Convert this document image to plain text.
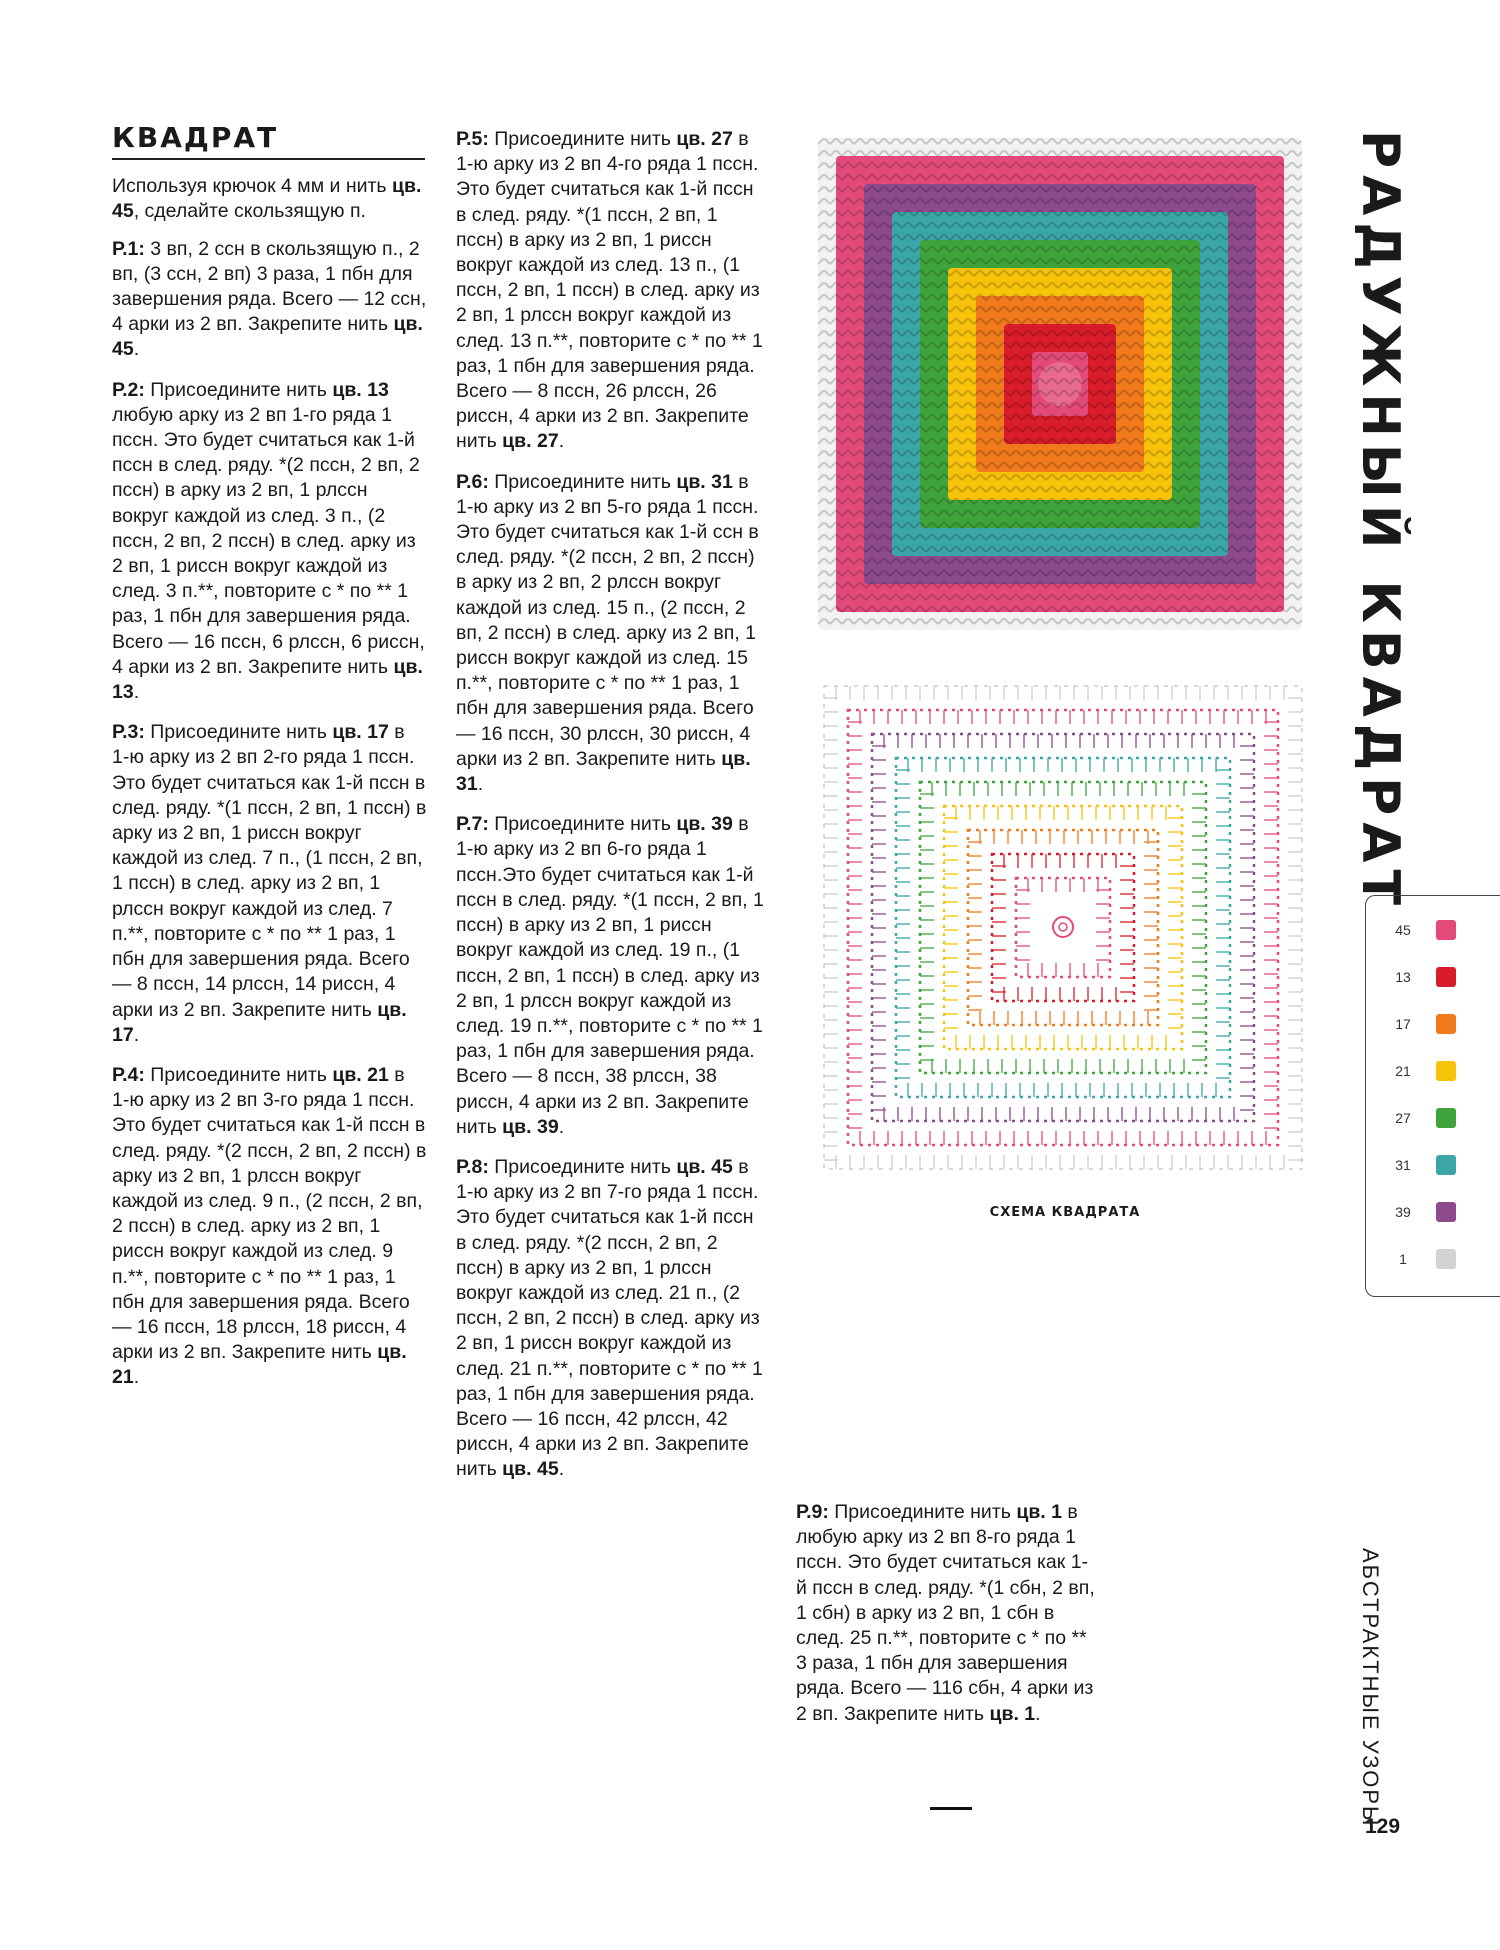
КВАДРАТ

Используя крючок 4 мм и нить цв. 45, сделайте скользящую п.

Р.1: 3 вп, 2 ссн в скользящую п., 2 вп, (3 ссн, 2 вп) 3 раза, 1 пбн для завершения ряда. Всего — 12 ссн, 4 арки из 2 вп. Закрепите нить цв. 45.

Р.2: Присоедините нить цв. 13 любую арку из 2 вп 1-го ряда 1 пссн. Это будет считаться как 1-й пссн в след. ряду. *(2 пссн, 2 вп, 2 пссн) в арку из 2 вп, 1 рлссн вокруг каждой из след. 3 п., (2 пссн, 2 вп, 2 пссн) в след. арку из 2 вп, 1 риссн вокруг каждой из след. 3 п.**, повторите с * по ** 1 раз, 1 пбн для завершения ряда. Всего — 16 пссн, 6 рлссн, 6 риссн, 4 арки из 2 вп. Закрепите нить цв. 13.

Р.3: Присоедините нить цв. 17 в 1-ю арку из 2 вп 2-го ряда 1 пссн. Это будет считаться как 1-й пссн в след. ряду. *(1 пссн, 2 вп, 1 пссн) в арку из 2 вп, 1 риссн вокруг каждой из след. 7 п., (1 пссн, 2 вп, 1 пссн) в след. арку из 2 вп, 1 рлссн вокруг каждой из след. 7 п.**, повторите с * по ** 1 раз, 1 пбн для завершения ряда. Всего — 8 пссн, 14 рлссн, 14 риссн, 4 арки из 2 вп. Закрепите нить цв. 17.

Р.4: Присоедините нить цв. 21 в 1-ю арку из 2 вп 3-го ряда 1 пссн. Это будет считаться как 1-й пссн в след. ряду. *(2 пссн, 2 вп, 2 пссн) в арку из 2 вп, 1 рлссн вокруг каждой из след. 9 п., (2 пссн, 2 вп, 2 пссн) в след. арку из 2 вп, 1 риссн вокруг каждой из след. 9 п.**, повторите с * по ** 1 раз, 1 пбн для завершения ряда. Всего — 16 пссн, 18 рлссн, 18 риссн, 4 арки из 2 вп. Закрепите нить цв. 21.

Р.5: Присоедините нить цв. 27 в 1-ю арку из 2 вп 4-го ряда 1 пссн. Это будет считаться как 1-й пссн в след. ряду. *(1 пссн, 2 вп, 1 пссн) в арку из 2 вп, 1 риссн вокруг каждой из след. 13 п., (1 пссн, 2 вп, 1 пссн) в след. арку из 2 вп, 1 рлссн вокруг каждой из след. 13 п.**, повторите с * по ** 1 раз, 1 пбн для завершения ряда. Всего — 8 пссн, 26 рлссн, 26 риссн, 4 арки из 2 вп. Закрепите нить цв. 27.

Р.6: Присоедините нить цв. 31 в 1-ю арку из 2 вп 5-го ряда 1 пссн. Это будет считаться как 1-й ссн в след. ряду. *(2 пссн, 2 вп, 2 пссн) в арку из 2 вп, 2 рлссн вокруг каждой из след. 15 п., (2 пссн, 2 вп, 2 пссн) в след. арку из 2 вп, 1 риссн вокруг каждой из след. 15 п.**, повторите с * по ** 1 раз, 1 пбн для завершения ряда. Всего — 16 пссн, 30 рлссн, 30 риссн, 4 арки из 2 вп. Закрепите нить цв. 31.

Р.7: Присоедините нить цв. 39 в 1-ю арку из 2 вп 6-го ряда 1 пссн.Это будет считаться как 1-й пссн в след. ряду. *(1 пссн, 2 вп, 1 пссн) в арку из 2 вп, 1 риссн вокруг каждой из след. 19 п., (1 пссн, 2 вп, 1 пссн) в след. арку из 2 вп, 1 рлссн вокруг каждой из след. 19 п.**, повторите с * по ** 1 раз, 1 пбн для завершения ряда. Всего — 8 пссн, 38 рлссн, 38 риссн, 4 арки из 2 вп. Закрепите нить цв. 39.

Р.8: Присоедините нить цв. 45 в 1-ю арку из 2 вп 7-го ряда 1 пссн. Это будет считаться как 1-й пссн в след. ряду. *(2 пссн, 2 вп, 2 пссн) в арку из 2 вп, 1 рлссн вокруг каждой из след. 21 п., (2 пссн, 2 вп, 2 пссн) в след. арку из 2 вп, 1 риссн вокруг каждой из след. 21 п.**, повторите с * по ** 1 раз, 1 пбн для завершения ряда. Всего — 16 пссн, 42 рлссн, 42 риссн, 4 арки из 2 вп. Закрепите нить цв. 45.

Р.9: Присоедините нить цв. 1 в любую арку из 2 вп 8-го ряда 1 пссн. Это будет считаться как 1-й пссн в след. ряду. *(1 сбн, 2 вп, 1 сбн) в арку из 2 вп, 1 сбн в след. 25 п.**, повторите с * по ** 3 раза, 1 пбн для завершения ряда. Всего — 116 сбн, 4 арки из 2 вп. Закрепите нить цв. 1.

СХЕМА КВАДРАТА
РАДУЖНЫЙ КВАДРАТ
45
13
17
21
27
31
39
1
АБСТРАКТНЫЕ УЗОРЫ
129
